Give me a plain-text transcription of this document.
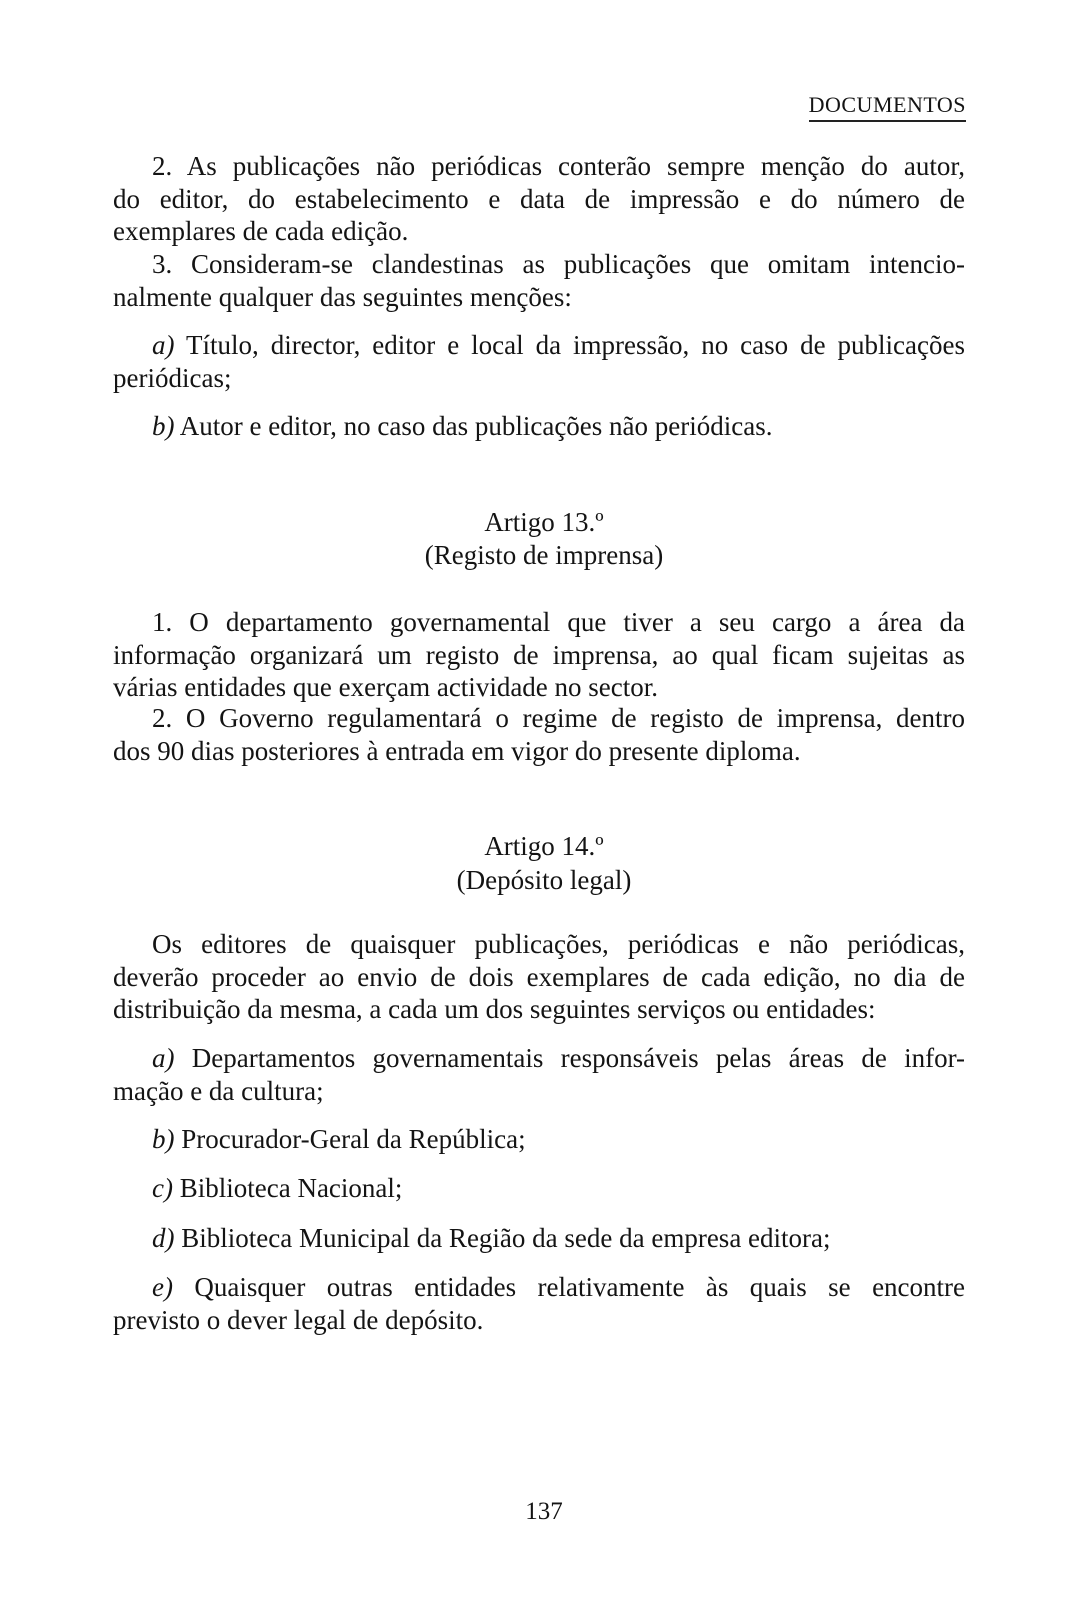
DOCUMENTOS
2. As publicações não periódicas conterão sempre menção do autor,
do editor, do estabelecimento e data de impressão e do número de
exemplares de cada edição.
3. Consideram-se clandestinas as publicações que omitam intencio-
nalmente qualquer das seguintes menções:
a) Título, director, editor e local da impressão, no caso de publicações
periódicas;
b) Autor e editor, no caso das publicações não periódicas.
Artigo 13.º
(Registo de imprensa)
1. O departamento governamental que tiver a seu cargo a área da
informação organizará um registo de imprensa, ao qual ficam sujeitas as
várias entidades que exerçam actividade no sector.
2. O Governo regulamentará o regime de registo de imprensa, dentro
dos 90 dias posteriores à entrada em vigor do presente diploma.
Artigo 14.º
(Depósito legal)
Os editores de quaisquer publicações, periódicas e não periódicas,
deverão proceder ao envio de dois exemplares de cada edição, no dia de
distribuição da mesma, a cada um dos seguintes serviços ou entidades:
a) Departamentos governamentais responsáveis pelas áreas de infor-
mação e da cultura;
b) Procurador-Geral da República;
c) Biblioteca Nacional;
d) Biblioteca Municipal da Região da sede da empresa editora;
e) Quaisquer outras entidades relativamente às quais se encontre
previsto o dever legal de depósito.
137
